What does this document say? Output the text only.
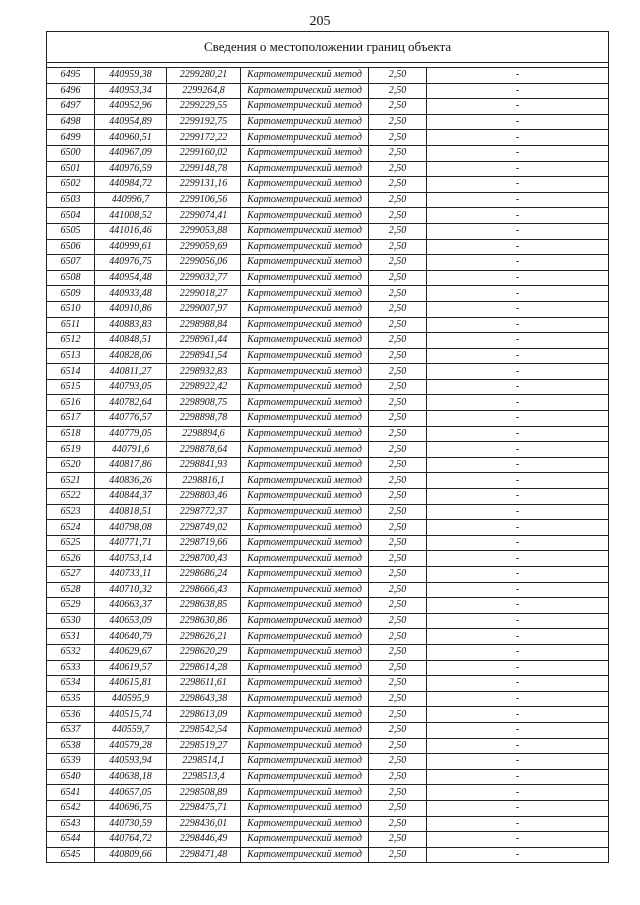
205
Сведения о местоположении границ объекта					

6495	440959,38	2299280,21	Картометрический метод	2,50	-
6496	440953,34	2299264,8	Картометрический метод	2,50	-
6497	440952,96	2299229,55	Картометрический метод	2,50	-
6498	440954,89	2299192,75	Картометрический метод	2,50	-
6499	440960,51	2299172,22	Картометрический метод	2,50	-
6500	440967,09	2299160,02	Картометрический метод	2,50	-
6501	440976,59	2299148,78	Картометрический метод	2,50	-
6502	440984,72	2299131,16	Картометрический метод	2,50	-
6503	440996,7	2299106,56	Картометрический метод	2,50	-
6504	441008,52	2299074,41	Картометрический метод	2,50	-
6505	441016,46	2299053,88	Картометрический метод	2,50	-
6506	440999,61	2299059,69	Картометрический метод	2,50	-
6507	440976,75	2299056,06	Картометрический метод	2,50	-
6508	440954,48	2299032,77	Картометрический метод	2,50	-
6509	440933,48	2299018,27	Картометрический метод	2,50	-
6510	440910,86	2299007,97	Картометрический метод	2,50	-
6511	440883,83	2298988,84	Картометрический метод	2,50	-
6512	440848,51	2298961,44	Картометрический метод	2,50	-
6513	440828,06	2298941,54	Картометрический метод	2,50	-
6514	440811,27	2298932,83	Картометрический метод	2,50	-
6515	440793,05	2298922,42	Картометрический метод	2,50	-
6516	440782,64	2298908,75	Картометрический метод	2,50	-
6517	440776,57	2298898,78	Картометрический метод	2,50	-
6518	440779,05	2298894,6	Картометрический метод	2,50	-
6519	440791,6	2298878,64	Картометрический метод	2,50	-
6520	440817,86	2298841,93	Картометрический метод	2,50	-
6521	440836,26	2298816,1	Картометрический метод	2,50	-
6522	440844,37	2298803,46	Картометрический метод	2,50	-
6523	440818,51	2298772,37	Картометрический метод	2,50	-
6524	440798,08	2298749,02	Картометрический метод	2,50	-
6525	440771,71	2298719,66	Картометрический метод	2,50	-
6526	440753,14	2298700,43	Картометрический метод	2,50	-
6527	440733,11	2298686,24	Картометрический метод	2,50	-
6528	440710,32	2298666,43	Картометрический метод	2,50	-
6529	440663,37	2298638,85	Картометрический метод	2,50	-
6530	440653,09	2298630,86	Картометрический метод	2,50	-
6531	440640,79	2298626,21	Картометрический метод	2,50	-
6532	440629,67	2298620,29	Картометрический метод	2,50	-
6533	440619,57	2298614,28	Картометрический метод	2,50	-
6534	440615,81	2298611,61	Картометрический метод	2,50	-
6535	440595,9	2298643,38	Картометрический метод	2,50	-
6536	440515,74	2298613,09	Картометрический метод	2,50	-
6537	440559,7	2298542,54	Картометрический метод	2,50	-
6538	440579,28	2298519,27	Картометрический метод	2,50	-
6539	440593,94	2298514,1	Картометрический метод	2,50	-
6540	440638,18	2298513,4	Картометрический метод	2,50	-
6541	440657,05	2298508,89	Картометрический метод	2,50	-
6542	440696,75	2298475,71	Картометрический метод	2,50	-
6543	440730,59	2298436,01	Картометрический метод	2,50	-
6544	440764,72	2298446,49	Картометрический метод	2,50	-
6545	440809,66	2298471,48	Картометрический метод	2,50	-
